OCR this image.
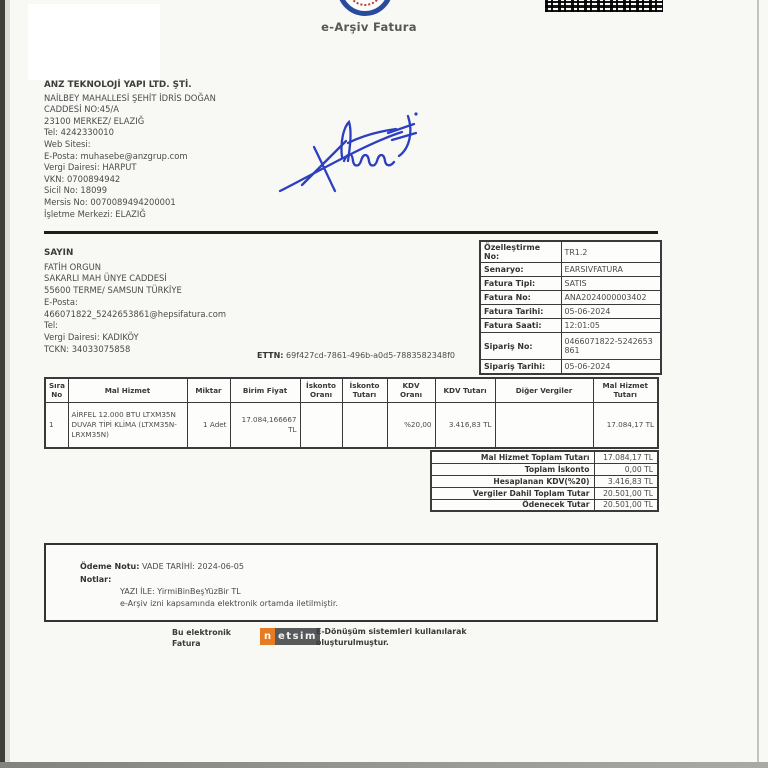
e-Arşiv Fatura
ANZ TEKNOLOJİ YAPI LTD. ŞTİ.
NAİLBEY MAHALLESİ ŞEHİT İDRİS DOĞAN
CADDESİ NO:45/A
23100 MERKEZ/ ELAZIĞ
Tel: 4242330010
Web Sitesi:
E-Posta: muhasebe@anzgrup.com
Vergi Dairesi: HARPUT
VKN: 0700894942
Sicil No: 18099
Mersis No: 0070089494200001
İşletme Merkezi: ELAZIĞ
SAYIN
FATİH ORGUN
SAKARLI MAH ÜNYE CADDESİ
55600 TERME/ SAMSUN TÜRKİYE
E-Posta:
466071822_5242653861@hepsifatura.com
Tel:
Vergi Dairesi: KADIKÖY
TCKN: 34033075858
ETTN: 69f427cd-7861-496b-a0d5-7883582348f0
Özelleştirme No:	TR1.2
Senaryo:	EARSIVFATURA
Fatura Tipi:	SATIS
Fatura No:	ANA2024000003402
Fatura Tarihi:	05-06-2024
Fatura Saati:	12:01:05
Sipariş No:	0466071822-5242653861
Sipariş Tarihi:	05-06-2024
Sıra No	Mal Hizmet	Miktar	Birim Fiyat	İskonto Oranı	İskonto Tutarı	KDV Oranı	KDV Tutarı	Diğer Vergiler	Mal Hizmet Tutarı
1	AİRFEL 12.000 BTU LTXM35N DUVAR TİPİ KLİMA (LTXM35N-LRXM35N)	1 Adet	17.084,166667 TL			%20,00	3.416,83 TL		17.084,17 TL
Mal Hizmet Toplam Tutarı	17.084,17 TL
Toplam İskonto	0,00 TL
Hesaplanan KDV(%20)	3.416,83 TL
Vergiler Dahil Toplam Tutar	20.501,00 TL
Ödenecek Tutar	20.501,00 TL
Ödeme Notu: VADE TARİHİ: 2024-06-05
Notlar:
YAZI İLE: YirmiBinBeşYüzBir TL
e-Arşiv izni kapsamında elektronik ortamda iletilmiştir.
Bu elektronik
Fatura
n etsim E-Dönüşüm sistemleri kullanılarak
oluşturulmuştur.
